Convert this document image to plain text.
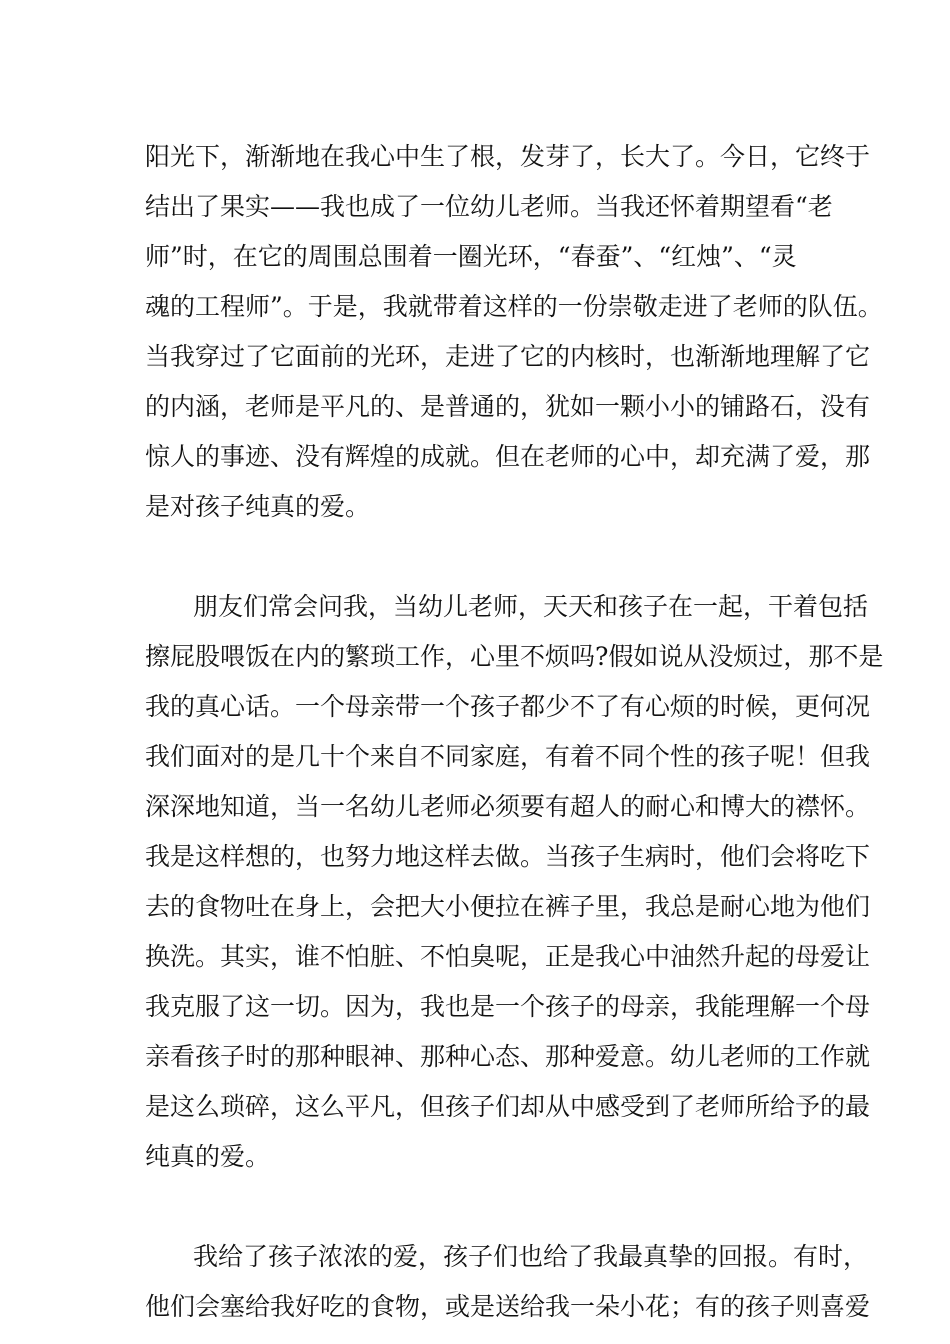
阳光下，渐渐地在我心中生了根，发芽了，长大了。今日，它终于
结出了果实——我也成了一位幼儿老师。当我还怀着期望看“老
师”时，在它的周围总围着一圈光环，“春蚕”、“红烛”、“灵
魂的工程师”。于是，我就带着这样的一份崇敬走进了老师的队伍。
当我穿过了它面前的光环，走进了它的内核时，也渐渐地理解了它
的内涵，老师是平凡的、是普通的，犹如一颗小小的铺路石，没有
惊人的事迹、没有辉煌的成就。但在老师的心中，却充满了爱，那
是对孩子纯真的爱。
朋友们常会问我，当幼儿老师，天天和孩子在一起，干着包括
擦屁股喂饭在内的繁琐工作，心里不烦吗?假如说从没烦过，那不是
我的真心话。一个母亲带一个孩子都少不了有心烦的时候，更何况
我们面对的是几十个来自不同家庭，有着不同个性的孩子呢！但我
深深地知道，当一名幼儿老师必须要有超人的耐心和博大的襟怀。
我是这样想的，也努力地这样去做。当孩子生病时，他们会将吃下
去的食物吐在身上，会把大小便拉在裤子里，我总是耐心地为他们
换洗。其实，谁不怕脏、不怕臭呢，正是我心中油然升起的母爱让
我克服了这一切。因为，我也是一个孩子的母亲，我能理解一个母
亲看孩子时的那种眼神、那种心态、那种爱意。幼儿老师的工作就
是这么琐碎，这么平凡，但孩子们却从中感受到了老师所给予的最
纯真的爱。
我给了孩子浓浓的爱，孩子们也给了我最真挚的回报。有时，
他们会塞给我好吃的食物，或是送给我一朵小花；有的孩子则喜爱
